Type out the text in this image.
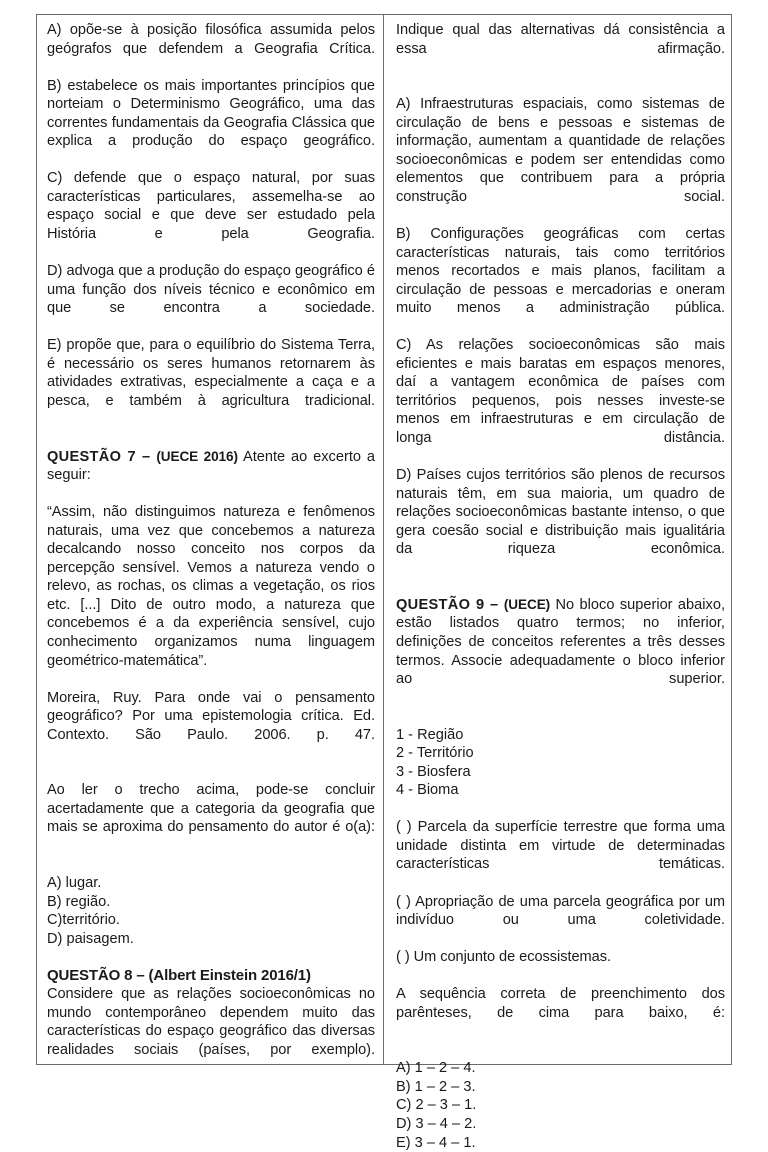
A) opõe-se à posição filosófica assumida pelos geógrafos que defendem a Geografia Crítica.

B) estabelece os mais importantes princípios que norteiam o Determinismo Geográfico, uma das correntes fundamentais da Geografia Clássica que explica a produção do espaço geográfico.

C) defende que o espaço natural, por suas características particulares, assemelha-se ao espaço social e que deve ser estudado pela História e pela Geografia.

D) advoga que a produção do espaço geográfico é uma função dos níveis técnico e econômico em que se encontra a sociedade.

E) propõe que, para o equilíbrio do Sistema Terra, é necessário os seres humanos retornarem às atividades extrativas, especialmente a caça e a pesca, e também à agricultura tradicional.

QUESTÃO 7 – (UECE 2016) Atente ao excerto a seguir:

“Assim, não distinguimos natureza e fenômenos naturais, uma vez que concebemos a natureza decalcando nosso conceito nos corpos da percepção sensível. Vemos a natureza vendo o relevo, as rochas, os climas a vegetação, os rios etc. [...] Dito de outro modo, a natureza que concebemos é a da experiência sensível, cujo conhecimento organizamos numa linguagem geométrico-matemática”.

Moreira, Ruy. Para onde vai o pensamento geográfico? Por uma epistemologia crítica. Ed. Contexto. São Paulo. 2006. p. 47.

Ao ler o trecho acima, pode-se concluir acertadamente que a categoria da geografia que mais se aproxima do pensamento do autor é o(a):

A) lugar.
B) região.
C)território.
D) paisagem.

QUESTÃO 8 – (Albert Einstein 2016/1)

Considere que as relações socioeconômicas no mundo contemporâneo dependem muito das características do espaço geográfico das diversas realidades sociais (países, por exemplo).

Indique qual das alternativas dá consistência a essa afirmação.

A) Infraestruturas espaciais, como sistemas de circulação de bens e pessoas e sistemas de informação, aumentam a quantidade de relações socioeconômicas e podem ser entendidas como elementos que contribuem para a própria construção social.

B) Configurações geográficas com certas características naturais, tais como territórios menos recortados e mais planos, facilitam a circulação de pessoas e mercadorias e oneram muito menos a administração pública.

C) As relações socioeconômicas são mais eficientes e mais baratas em espaços menores, daí a vantagem econômica de países com territórios pequenos, pois nesses investe-se menos em infraestruturas e em circulação de longa distância.

D) Países cujos territórios são plenos de recursos naturais têm, em sua maioria, um quadro de relações socioeconômicas bastante intenso, o que gera coesão social e distribuição mais igualitária da riqueza econômica.

QUESTÃO 9 – (UECE) No bloco superior abaixo, estão listados quatro termos; no inferior, definições de conceitos referentes a três desses termos. Associe adequadamente o bloco inferior ao superior.

1 - Região
2 - Território
3 - Biosfera
4 - Bioma

( ) Parcela da superfície terrestre que forma uma unidade distinta em virtude de determinadas características temáticas.

( ) Apropriação de uma parcela geográfica por um indivíduo ou uma coletividade.

( ) Um conjunto de ecossistemas.

A sequência correta de preenchimento dos parênteses, de cima para baixo, é:

A) 1 – 2 – 4.
B) 1 – 2 – 3.
C) 2 – 3 – 1.
D) 3 – 4 – 2.
E) 3 – 4 – 1.
